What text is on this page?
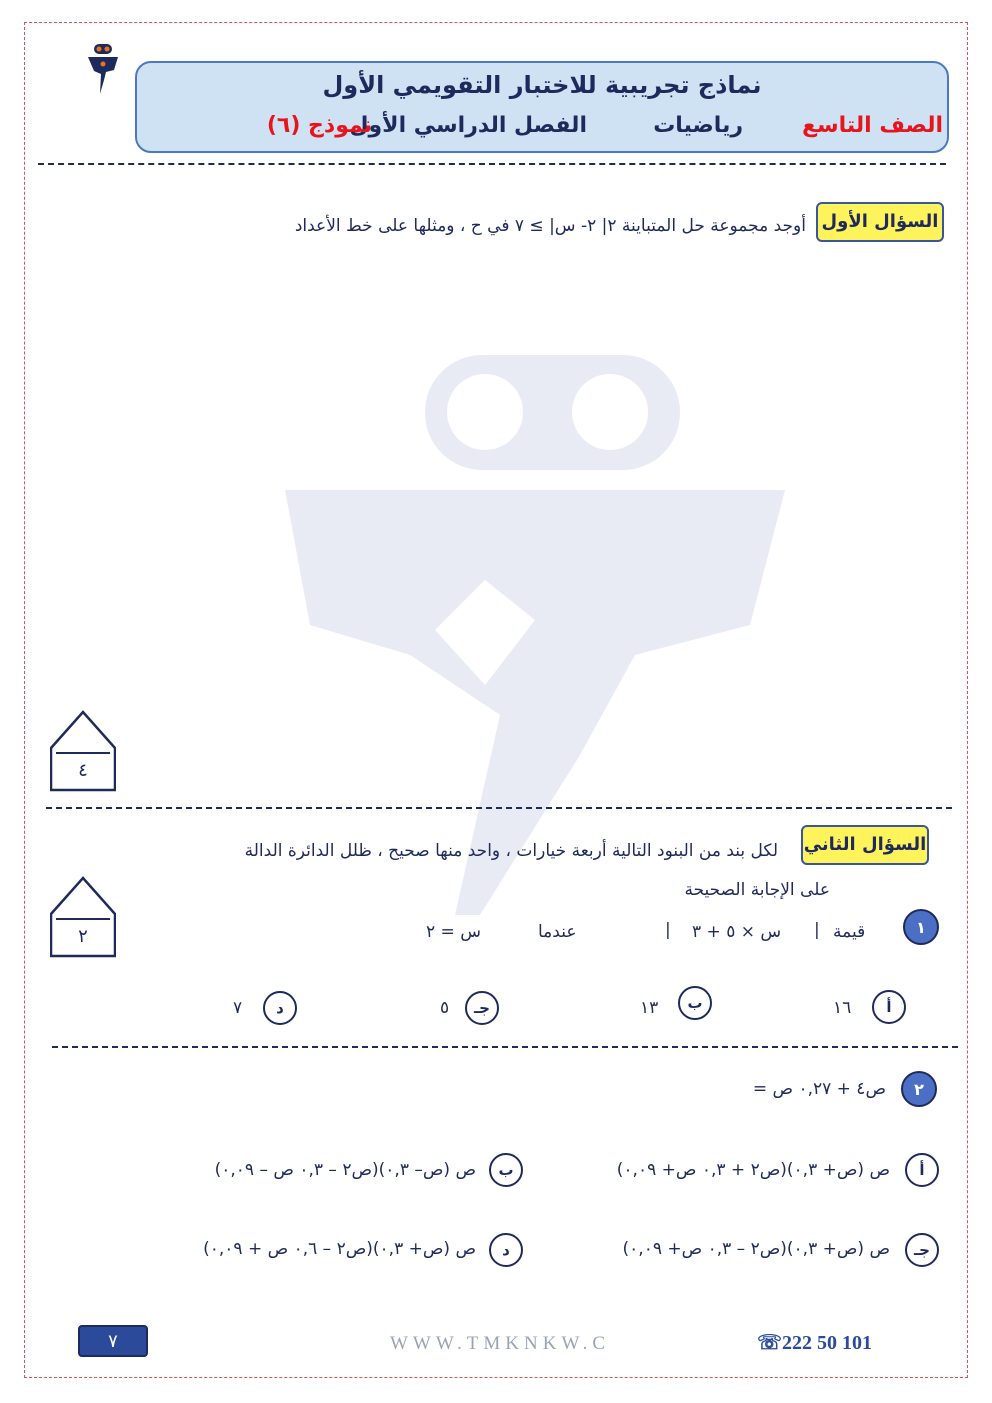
نماذج تجريبية للاختبار التقويمي الأول
الصف التاسع
رياضيات
الفصل الدراسي الأول
نموذج (٦)
السؤال الأول
أوجد مجموعة حل المتباينة ٢| ٢- س| ≥ ٧ في ح ، ومثلها على خط الأعداد
٤
السؤال الثاني
لكل بند من البنود التالية أربعة خيارات ، واحد منها صحيح ، ظلل الدائرة الدالة
على الإجابة الصحيحة
٢	١
قيمة
|
س × ٥ + ٣
|
عندما
س = ٢
أ
١٦
ب
١٣
جـ
٥
د
٧
٢
ص٤ + ٠,٢٧ ص =
أ
ص (ص+ ٠,٣)(ص٢ + ٠,٣ ص+ ٠,٠٩)
ب
ص (ص– ٠,٣)(ص٢ – ٠,٣ ص – ٠,٠٩)
جـ
ص (ص+ ٠,٣)(ص٢ – ٠,٣ ص+ ٠,٠٩)
د
ص (ص+ ٠,٣)(ص٢ – ٠,٦ ص + ٠,٠٩)
٧	WWW.TMKNKW.C	☏222 50 101
